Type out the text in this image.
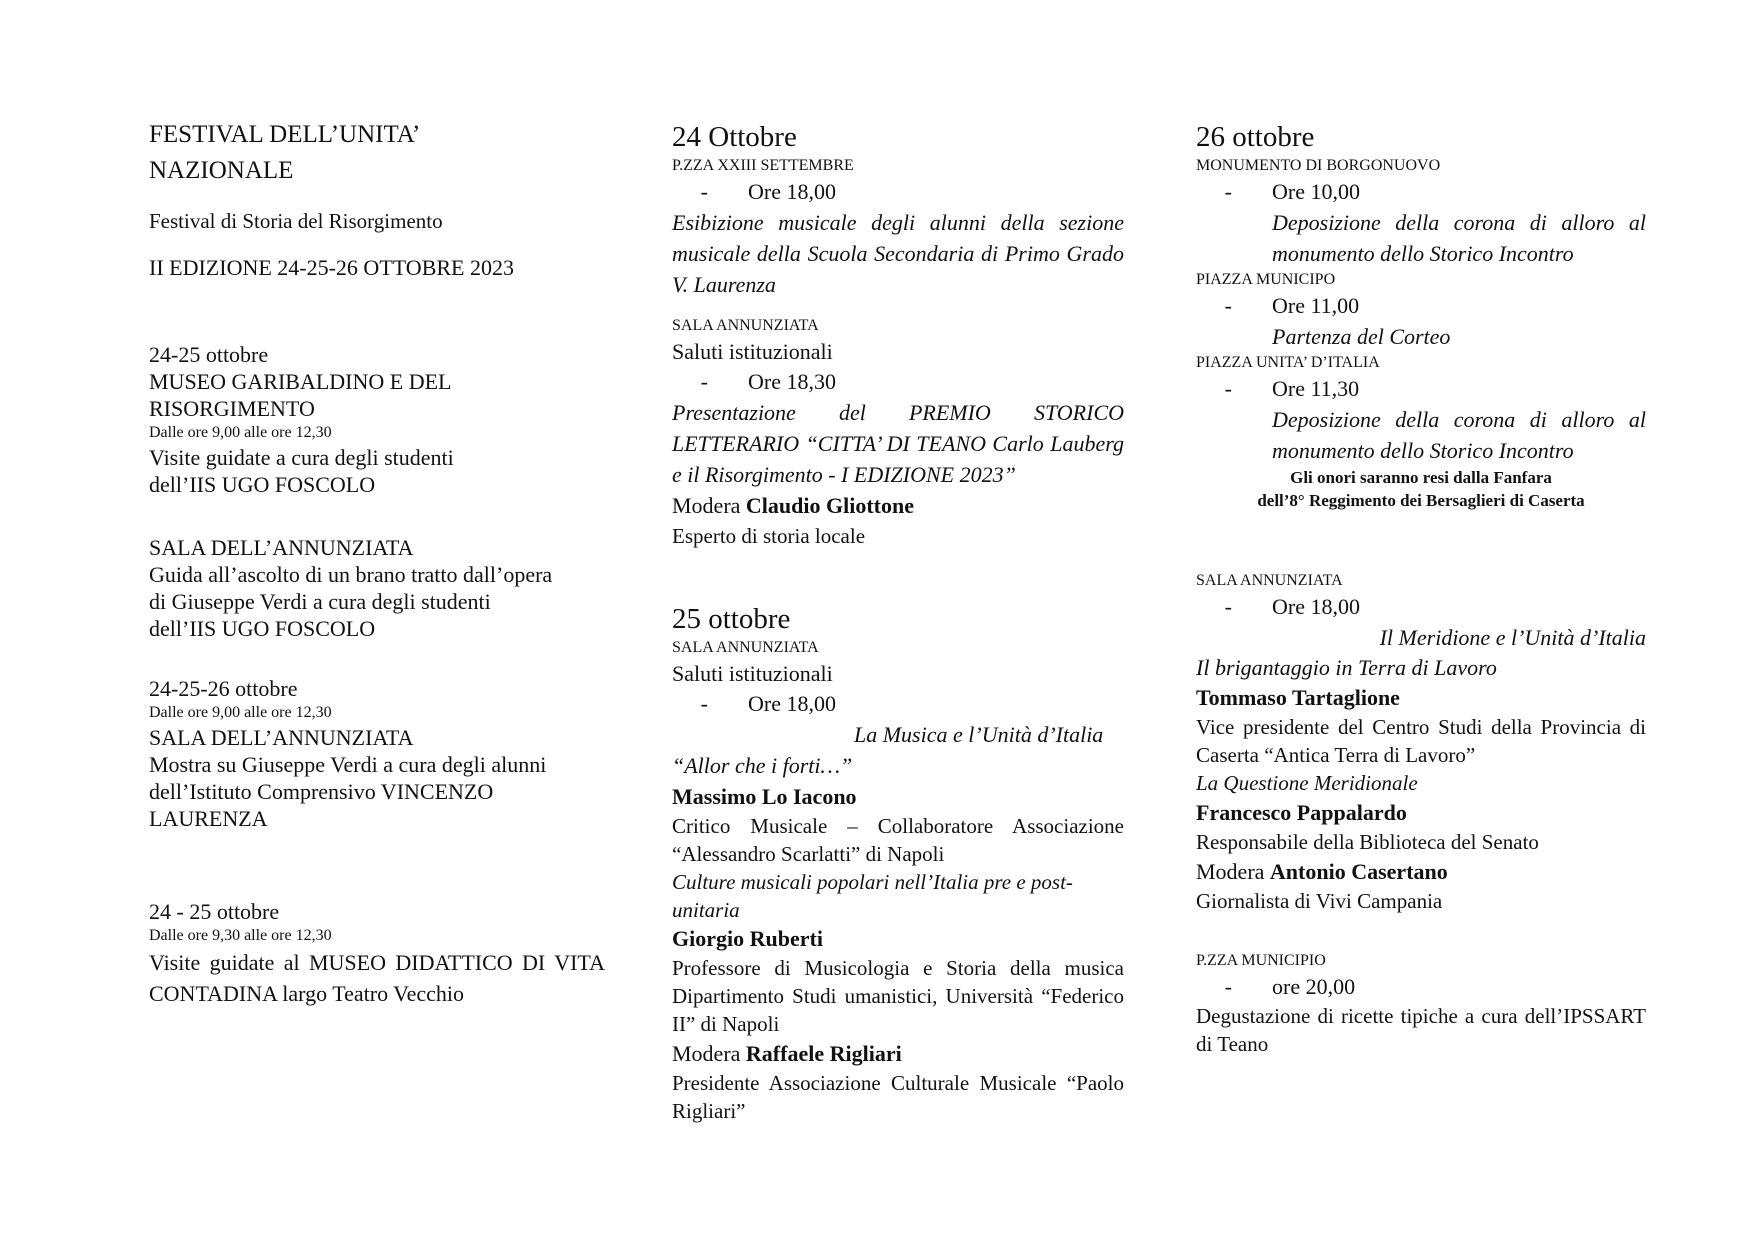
FESTIVAL DELL’UNITA’
NAZIONALE
Festival di Storia del Risorgimento
II EDIZIONE 24-25-26 OTTOBRE 2023
24-25 ottobre
MUSEO GARIBALDINO E DEL
RISORGIMENTO
Dalle ore 9,00 alle ore 12,30
Visite guidate a cura degli studenti
dell’IIS UGO FOSCOLO
SALA DELL’ANNUNZIATA
Guida all’ascolto di un brano tratto dall’opera
di Giuseppe Verdi a cura degli studenti
dell’IIS UGO FOSCOLO
24-25-26 ottobre
Dalle ore 9,00 alle ore 12,30
SALA DELL’ANNUNZIATA
Mostra su Giuseppe Verdi a cura degli alunni
dell’Istituto Comprensivo VINCENZO
LAURENZA
24 - 25 ottobre
Dalle ore 9,30 alle ore 12,30
Visite guidate al MUSEO DIDATTICO DI VITA CONTADINA largo Teatro Vecchio
24 Ottobre
P.ZZA XXIII SETTEMBRE
-	Ore 18,00
Esibizione musicale degli alunni della sezione musicale della Scuola Secondaria di Primo Grado V. Laurenza
SALA ANNUNZIATA
Saluti istituzionali
-	Ore 18,30
Presentazione del PREMIO STORICO LETTERARIO “CITTA’ DI TEANO Carlo Lauberg e il Risorgimento - I EDIZIONE 2023”
Modera Claudio Gliottone
Esperto di storia locale
25 ottobre
SALA ANNUNZIATA
Saluti istituzionali
-	Ore 18,00
La Musica e l’Unità d’Italia
“Allor che i forti…”
Massimo Lo Iacono
Critico Musicale – Collaboratore Associazione “Alessandro Scarlatti” di Napoli
Culture musicali popolari nell’Italia pre e post-unitaria
Giorgio Ruberti
Professore di Musicologia e Storia della musica Dipartimento Studi umanistici, Università “Federico II” di Napoli
Modera Raffaele Rigliari
Presidente Associazione Culturale Musicale “Paolo Rigliari”
26 ottobre
MONUMENTO DI BORGONUOVO
-	Ore 10,00
Deposizione della corona di alloro al monumento dello Storico Incontro
PIAZZA MUNICIPO
-	Ore 11,00
Partenza del Corteo
PIAZZA UNITA’ D’ITALIA
-	Ore 11,30
Deposizione della corona di alloro al monumento dello Storico Incontro
Gli onori saranno resi dalla Fanfara
dell’8° Reggimento dei Bersaglieri di Caserta
SALA ANNUNZIATA
-	Ore 18,00
Il Meridione e l’Unità d’Italia
Il brigantaggio in Terra di Lavoro
Tommaso Tartaglione
Vice presidente del Centro Studi della Provincia di Caserta “Antica Terra di Lavoro”
La Questione Meridionale
Francesco Pappalardo
Responsabile della Biblioteca del Senato
Modera Antonio Casertano
Giornalista di Vivi Campania
P.ZZA MUNICIPIO
-	ore 20,00
Degustazione di ricette tipiche a cura dell’IPSSART di Teano
